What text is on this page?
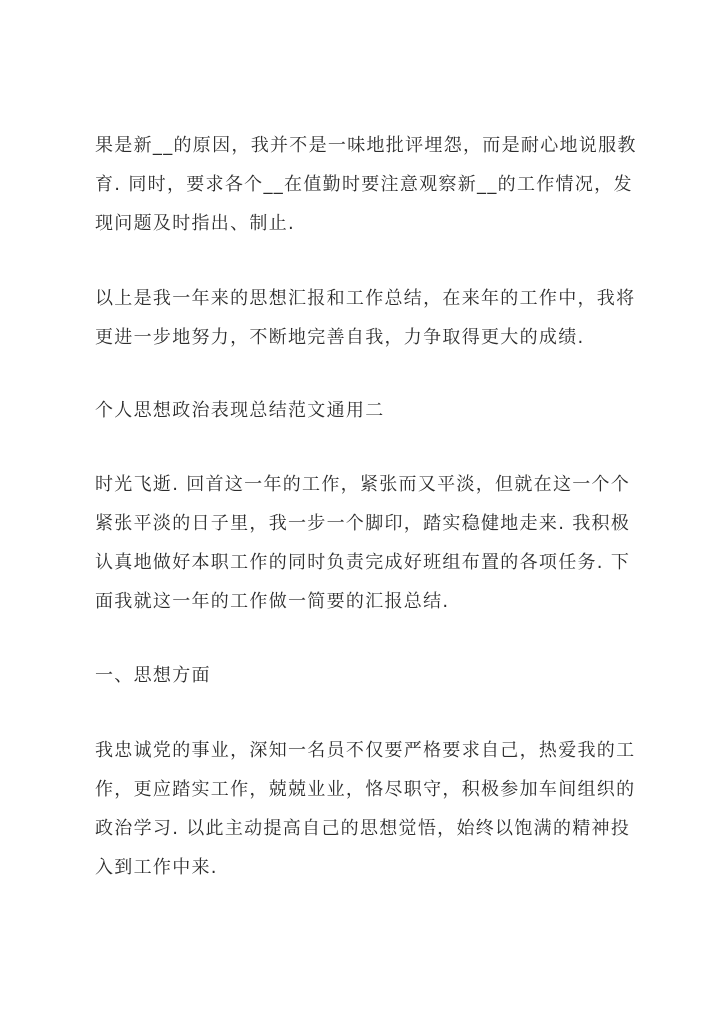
果是新__的原因，我并不是一味地批评埋怨，而是耐心地说服教

育. 同时，要求各个__在值勤时要注意观察新__的工作情况，发

现问题及时指出、制止.

以上是我一年来的思想汇报和工作总结，在来年的工作中，我将

更进一步地努力，不断地完善自我，力争取得更大的成绩.

个人思想政治表现总结范文通用二

时光飞逝. 回首这一年的工作，紧张而又平淡，但就在这一个个

紧张平淡的日子里，我一步一个脚印，踏实稳健地走来. 我积极

认真地做好本职工作的同时负责完成好班组布置的各项任务. 下

面我就这一年的工作做一简要的汇报总结.

一、思想方面

我忠诚党的事业，深知一名员不仅要严格要求自己，热爱我的工

作，更应踏实工作，兢兢业业，恪尽职守，积极参加车间组织的

政治学习. 以此主动提高自己的思想觉悟，始终以饱满的精神投

入到工作中来.
